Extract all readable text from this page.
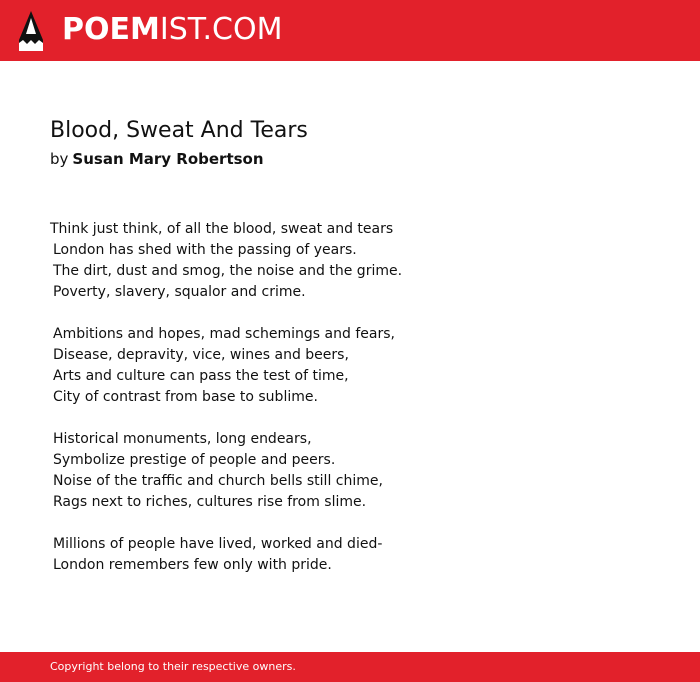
POEMIST.COM
Blood, Sweat And Tears
by Susan Mary Robertson
Think just think, of all the blood, sweat and tears
London has shed with the passing of years.
The dirt, dust and smog, the noise and the grime.
Poverty, slavery, squalor and crime.
Ambitions and hopes, mad schemings and fears,
Disease, depravity, vice, wines and beers,
Arts and culture can pass the test of time,
City of contrast from base to sublime.
Historical monuments, long endears,
Symbolize prestige of people and peers.
Noise of the traffic and church bells still chime,
Rags next to riches, cultures rise from slime.
Millions of people have lived, worked and died-
London remembers few only with pride.
Copyright belong to their respective owners.
